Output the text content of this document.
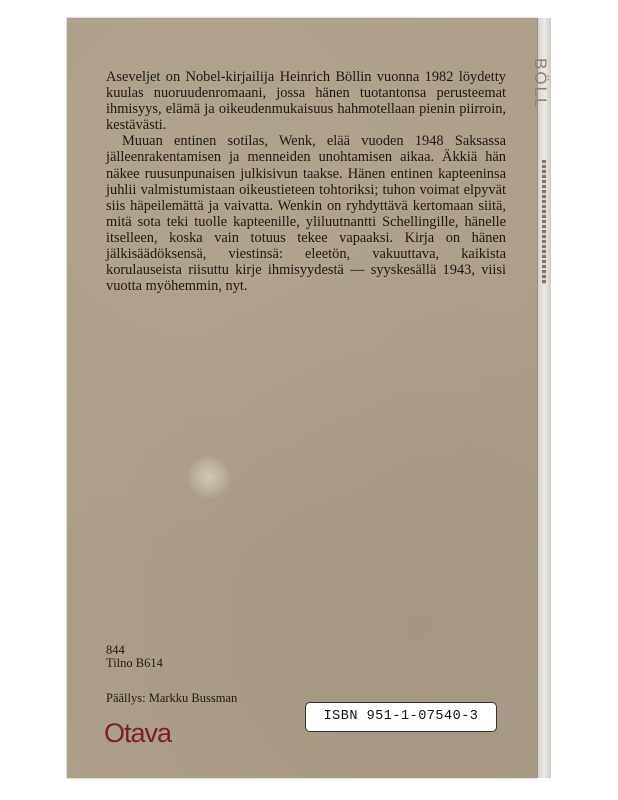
BÖLL

Aseveljet on Nobel-kirjailija Heinrich Böllin vuonna 1982 löydetty kuulas nuoruudenromaani, jossa hänen tuotantonsa perusteemat ihmisyys, elämä ja oikeudenmukaisuus hahmotellaan pienin piirroin, kestävästi.

Muuan entinen sotilas, Wenk, elää vuoden 1948 Saksassa jälleenrakentamisen ja menneiden unohtamisen aikaa. Äkkiä hän näkee ruusunpunaisen julkisivun taakse. Hänen entinen kapteeninsa juhlii valmistumistaan oikeustieteen tohtoriksi; tuhon voimat elpyvät siis häpeilemättä ja vaivatta. Wenkin on ryhdyttävä kertomaan siitä, mitä sota teki tuolle kapteenille, yliluutnantti Schellingille, hänelle itselleen, koska vain totuus tekee vapaaksi. Kirja on hänen jälkisäädöksensä, viestinsä: eleetön, vakuuttava, kaikista korulauseista riisuttu kirje ihmisyydestä — syyskesällä 1943, viisi vuotta myöhemmin, nyt.

844
Tilno B614
Päällys: Markku Bussman
Otava
ISBN 951-1-07540-3
